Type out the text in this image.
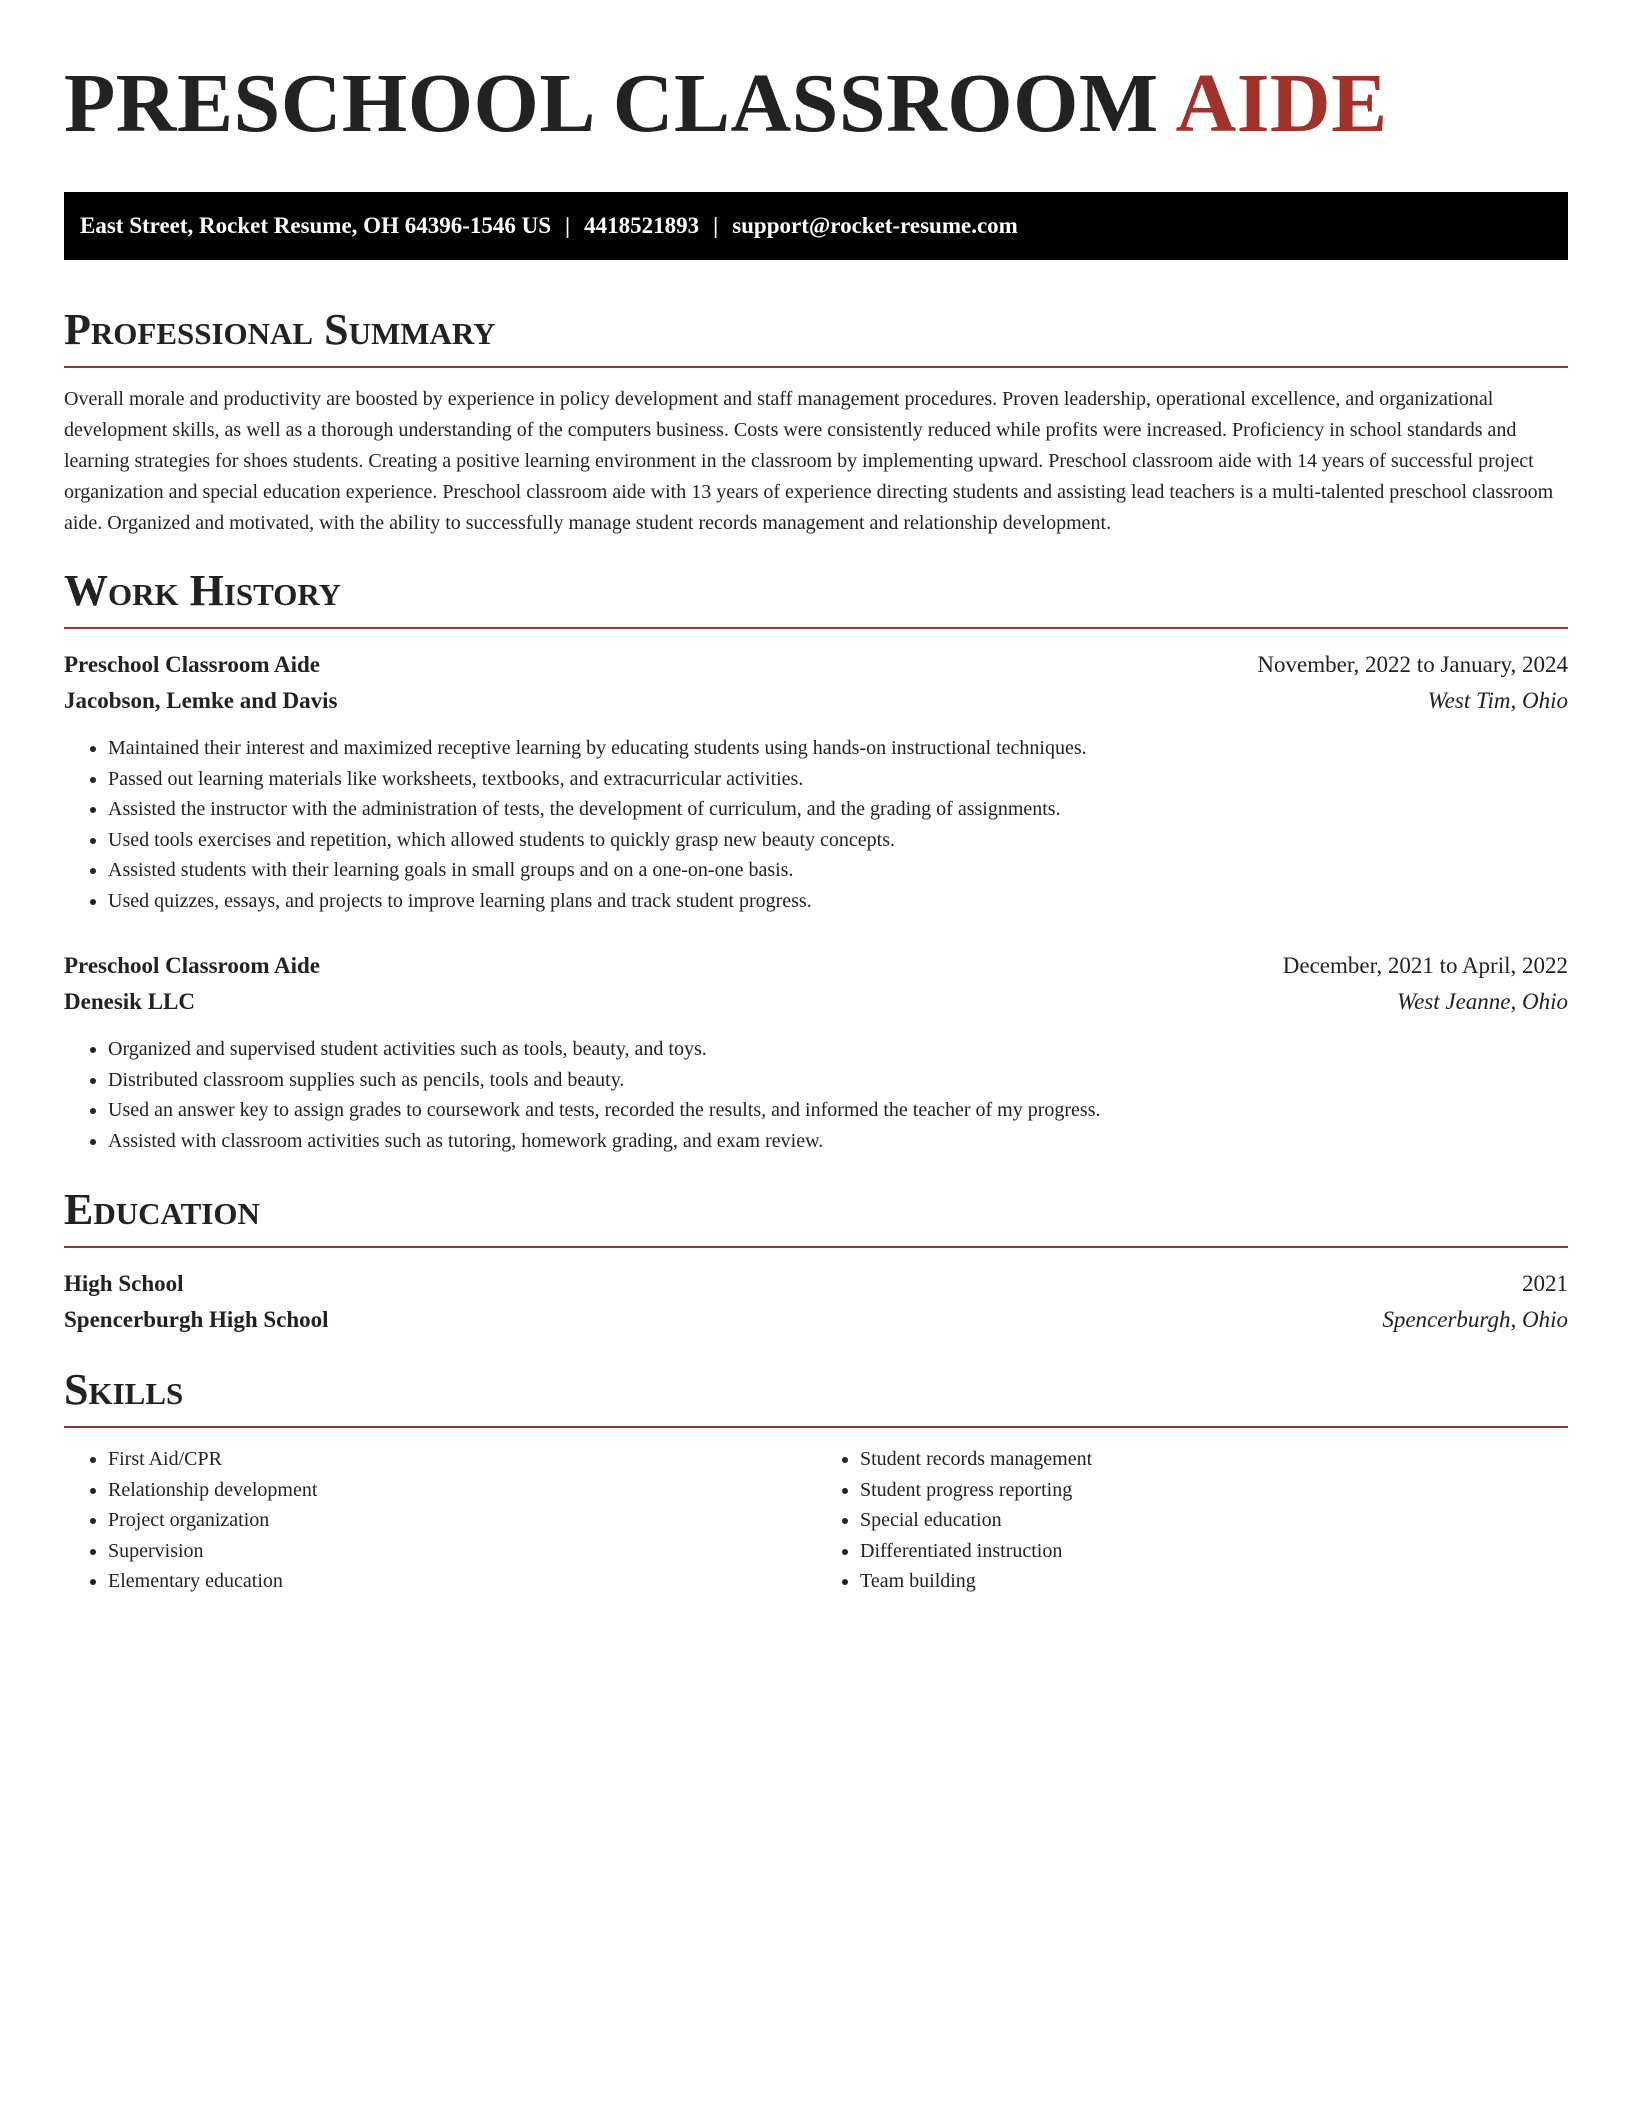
PRESCHOOL CLASSROOM AIDE
East Street, Rocket Resume, OH 64396-1546 US | 4418521893 | support@rocket-resume.com
Professional Summary

Overall morale and productivity are boosted by experience in policy development and staff management procedures. Proven leadership, operational excellence, and organizational development skills, as well as a thorough understanding of the computers business. Costs were consistently reduced while profits were increased. Proficiency in school standards and learning strategies for shoes students. Creating a positive learning environment in the classroom by implementing upward. Preschool classroom aide with 14 years of successful project organization and special education experience. Preschool classroom aide with 13 years of experience directing students and assisting lead teachers is a multi-talented preschool classroom aide. Organized and motivated, with the ability to successfully manage student records management and relationship development.

Work History
Preschool Classroom Aide	November, 2022 to January, 2024
Jacobson, Lemke and Davis	West Tim, Ohio
• Maintained their interest and maximized receptive learning by educating students using hands-on instructional techniques.
• Passed out learning materials like worksheets, textbooks, and extracurricular activities.
• Assisted the instructor with the administration of tests, the development of curriculum, and the grading of assignments.
• Used tools exercises and repetition, which allowed students to quickly grasp new beauty concepts.
• Assisted students with their learning goals in small groups and on a one-on-one basis.
• Used quizzes, essays, and projects to improve learning plans and track student progress.
Preschool Classroom Aide	December, 2021 to April, 2022
Denesik LLC	West Jeanne, Ohio
• Organized and supervised student activities such as tools, beauty, and toys.
• Distributed classroom supplies such as pencils, tools and beauty.
• Used an answer key to assign grades to coursework and tests, recorded the results, and informed the teacher of my progress.
• Assisted with classroom activities such as tutoring, homework grading, and exam review.
Education
High School	2021
Spencerburgh High School	Spencerburgh, Ohio
Skills
• First Aid/CPR
• Relationship development
• Project organization
• Supervision
• Elementary education
• Student records management
• Student progress reporting
• Special education
• Differentiated instruction
• Team building
